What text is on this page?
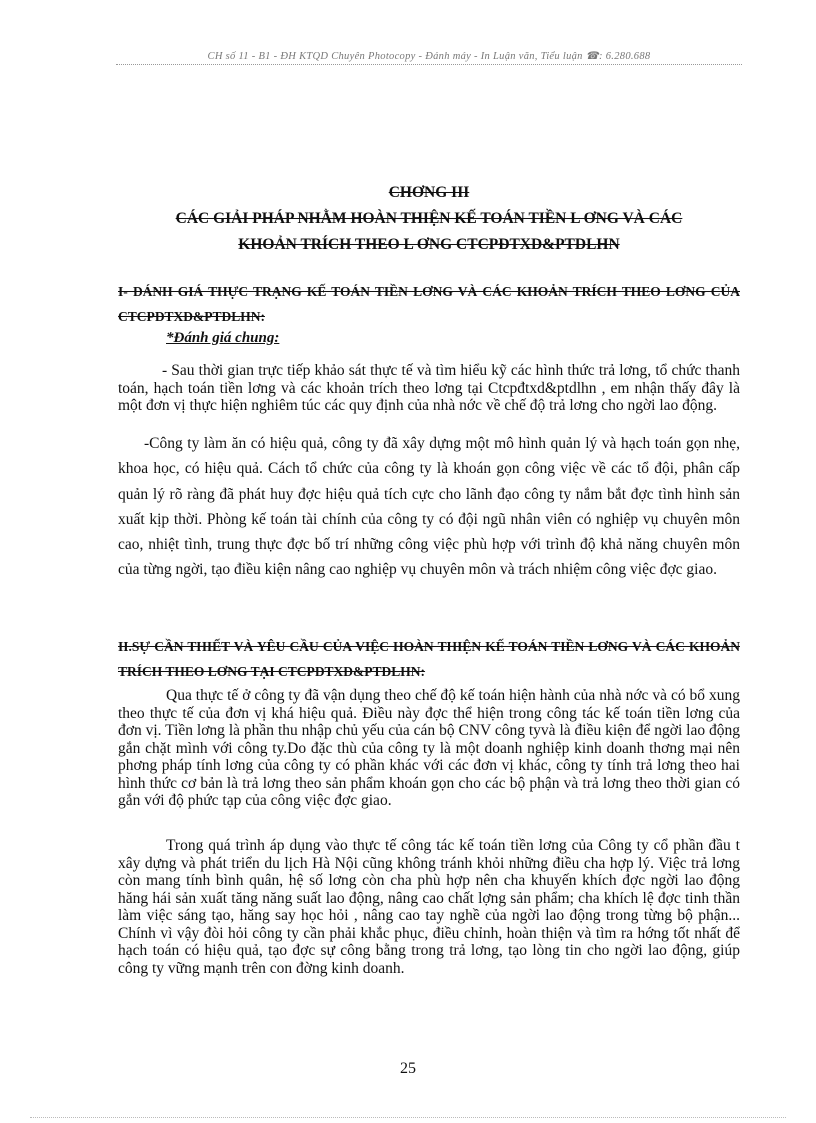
CH số 11 - B1 - ĐH KTQD Chuyên Photocopy - Đánh máy - In Luận văn, Tiểu luận ☎: 6.280.688
CHƠNG III
CÁC GIẢI PHÁP NHẰM HOÀN THIỆN KẾ TOÁN TIỀN L ƠNG VÀ CÁC
KHOẢN TRÍCH THEO L ƠNG CTCPĐTXD&PTDLHN
I- ĐÁNH GIÁ THỰC TRẠNG KẾ TOÁN TIỀN LƠNG VÀ CÁC KHOẢN TRÍCH THEO LƠNG CỦA CTCPĐTXD&PTDLHN:
*Đánh giá chung:

- Sau thời gian trực tiếp khảo sát thực tế và tìm hiểu kỹ các hình thức trả lơng, tổ chức thanh toán, hạch toán tiền lơng và các khoản trích theo lơng tại Ctcpđtxd&ptdlhn , em nhận thấy đây là một đơn vị thực hiện nghiêm túc các quy định của nhà nớc về chế độ trả lơng cho ngời lao động.

-Công ty làm ăn có hiệu quả, công ty đã xây dựng một mô hình quản lý và hạch toán gọn nhẹ, khoa học, có hiệu quả. Cách tổ chức của công ty là khoán gọn công việc về các tổ đội, phân cấp quản lý rõ ràng đã phát huy đợc hiệu quả tích cực cho lãnh đạo công ty nắm bắt đợc tình hình sản xuất kịp thời. Phòng kế toán tài chính của công ty có đội ngũ nhân viên có nghiệp vụ chuyên môn cao, nhiệt tình, trung thực đợc bố trí những công việc phù hợp với trình độ khả năng chuyên môn của từng ngời, tạo điều kiện nâng cao nghiệp vụ chuyên môn và trách nhiệm công việc đợc giao.

II.SỰ CẦN THIẾT VÀ YÊU CẦU CỦA VIỆC HOÀN THIỆN KẾ TOÁN TIỀN LƠNG VÀ CÁC KHOẢN TRÍCH THEO LƠNG TẠI CTCPĐTXD&PTDLHN:

Qua thực tế ở công ty đã vận dụng theo chế độ kế toán hiện hành của nhà nớc và có bổ xung theo thực tế của đơn vị khá hiệu quả. Điều này đợc thể hiện trong công tác kế toán tiền lơng của đơn vị. Tiền lơng là phần thu nhập chủ yếu của cán bộ CNV công tyvà là điều kiện để ngời lao động gắn chặt mình với công ty.Do đặc thù của công ty là một doanh nghiệp kinh doanh thơng mại nên phơng pháp tính lơng của công ty có phần khác với các đơn vị khác, công ty tính trả lơng theo hai hình thức cơ bản là trả lơng theo sản phẩm khoán gọn cho các bộ phận và trả lơng theo thời gian có gắn với độ phức tạp của công việc đợc giao.

Trong quá trình áp dụng vào thực tế công tác kế toán tiền lơng của Công ty cổ phần đầu t xây dựng và phát triển du lịch Hà Nội cũng không tránh khỏi những điều cha hợp lý. Việc trả lơng còn mang tính bình quân, hệ số lơng còn cha phù hợp nên cha khuyến khích đợc ngời lao động hăng hái sản xuất tăng năng suất lao động, nâng cao chất lợng sản phẩm; cha khích lệ đợc tinh thần làm việc sáng tạo, hăng say học hỏi , nâng cao tay nghề của ngời lao động trong từng bộ phận... Chính vì vậy đòi hỏi công ty cần phải khắc phục, điều chỉnh, hoàn thiện và tìm ra hớng tốt nhất để hạch toán có hiệu quả, tạo đợc sự công bằng trong trả lơng, tạo lòng tin cho ngời lao động, giúp công ty vững mạnh trên con đờng kinh doanh.

25
